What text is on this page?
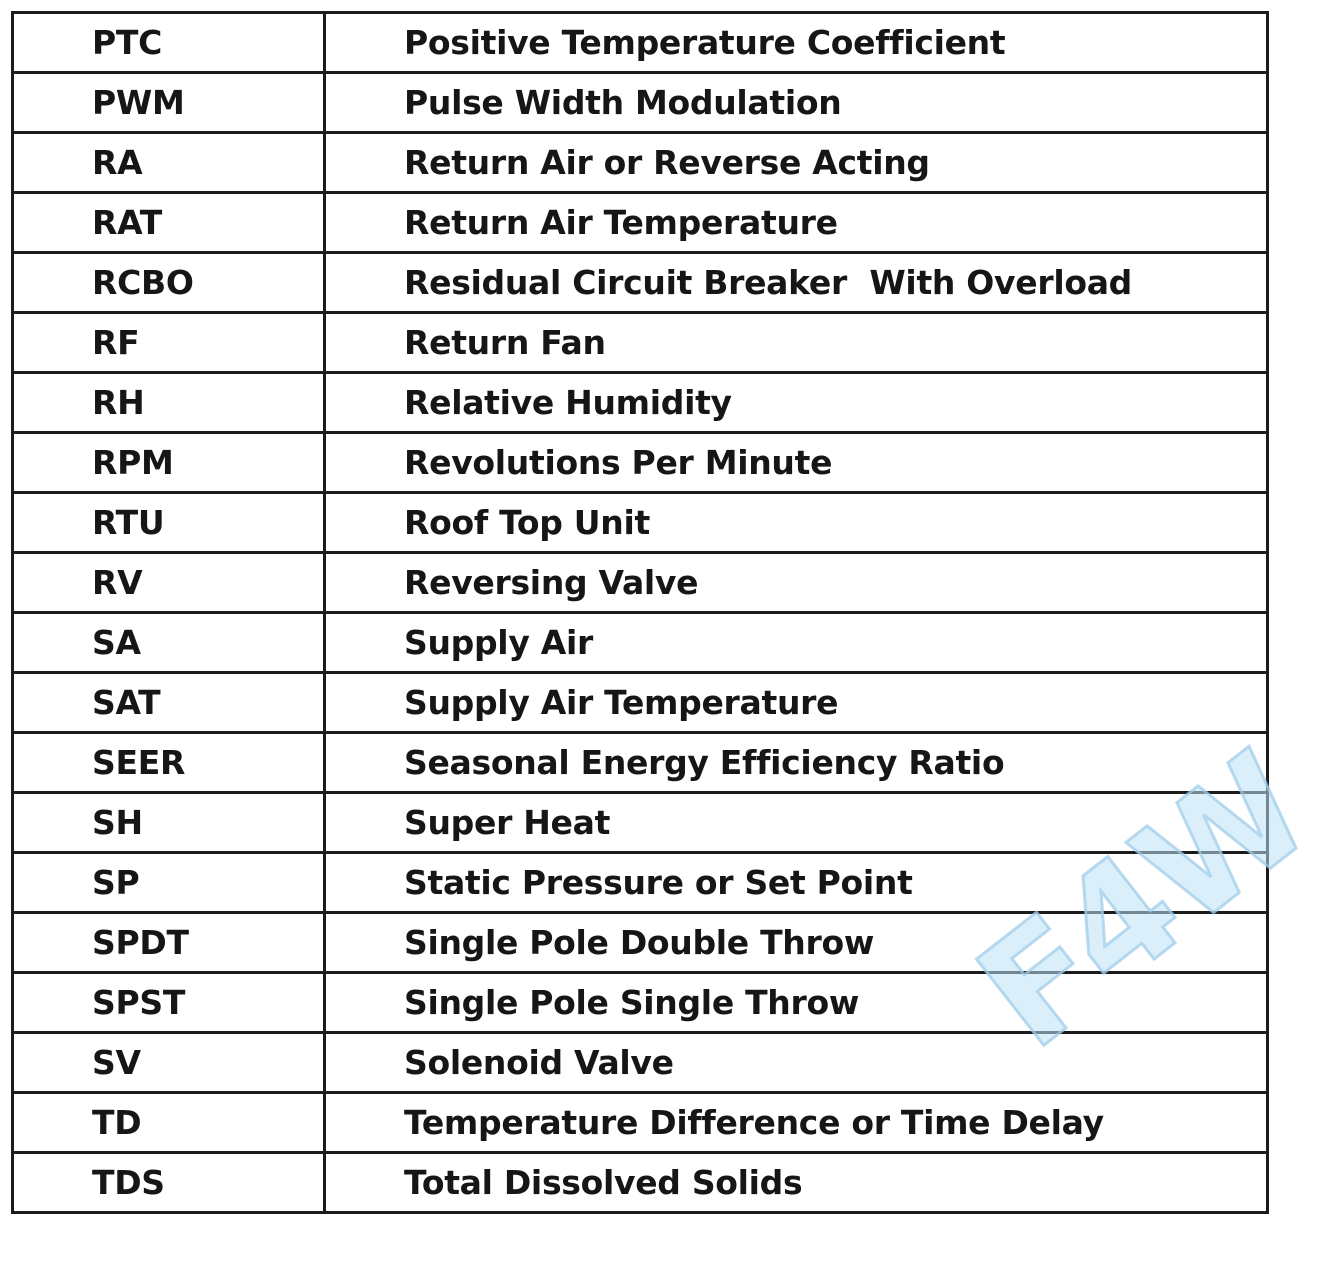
PTC	Positive Temperature Coefficient
PWM	Pulse Width Modulation
RA	Return Air or Reverse Acting
RAT	Return Air Temperature
RCBO	Residual Circuit Breaker  With Overload
RF	Return Fan
RH	Relative Humidity
RPM	Revolutions Per Minute
RTU	Roof Top Unit
RV	Reversing Valve
SA	Supply Air
SAT	Supply Air Temperature
SEER	Seasonal Energy Efficiency Ratio
SH	Super Heat
SP	Static Pressure or Set Point
SPDT	Single Pole Double Throw
SPST	Single Pole Single Throw
SV	Solenoid Valve
TD	Temperature Difference or Time Delay
TDS	Total Dissolved Solids
F4W
